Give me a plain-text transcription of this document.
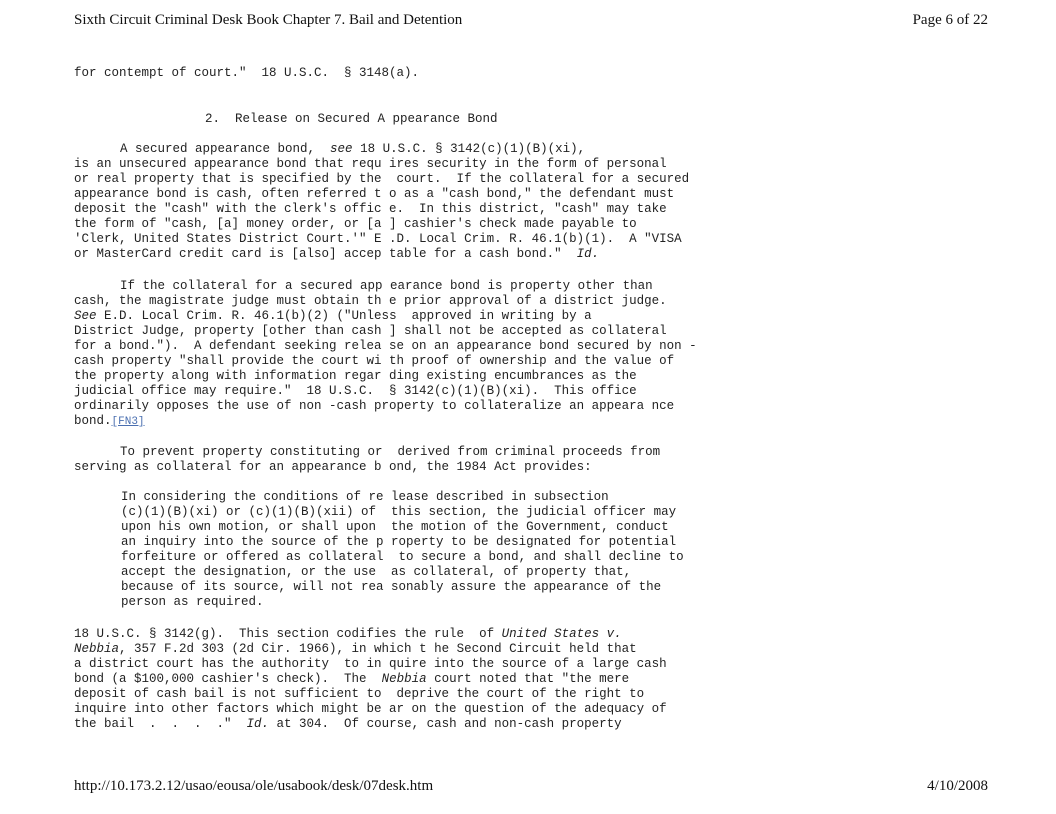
Sixth Circuit Criminal Desk Book Chapter 7. Bail and Detention	Page 6 of 22
for contempt of court."  18 U.S.C.  § 3148(a).
2.  Release on Secured A ppearance Bond
A secured appearance bond,  see 18 U.S.C. § 3142(c)(1)(B)(xi),
is an unsecured appearance bond that requ ires security in the form of personal
or real property that is specified by the  court.  If the collateral for a secured
appearance bond is cash, often referred t o as a "cash bond," the defendant must
deposit the "cash" with the clerk's offic e.  In this district, "cash" may take
the form of "cash, [a] money order, or [a ] cashier's check made payable to
'Clerk, United States District Court.'" E .D. Local Crim. R. 46.1(b)(1).  A "VISA
or MasterCard credit card is [also] accep table for a cash bond."  Id.
If the collateral for a secured app earance bond is property other than
cash, the magistrate judge must obtain th e prior approval of a district judge.
See E.D. Local Crim. R. 46.1(b)(2) ("Unless  approved in writing by a
District Judge, property [other than cash ] shall not be accepted as collateral
for a bond.").  A defendant seeking relea se on an appearance bond secured by non -
cash property "shall provide the court wi th proof of ownership and the value of
the property along with information regar ding existing encumbrances as the
judicial office may require."  18 U.S.C.  § 3142(c)(1)(B)(xi).  This office
ordinarily opposes the use of non -cash property to collateralize an appeara nce
bond.[FN3]
To prevent property constituting or  derived from criminal proceeds from
serving as collateral for an appearance b ond, the 1984 Act provides:
In considering the conditions of re lease described in subsection
(c)(1)(B)(xi) or (c)(1)(B)(xii) of  this section, the judicial officer may
upon his own motion, or shall upon  the motion of the Government, conduct
an inquiry into the source of the p roperty to be designated for potential
forfeiture or offered as collateral  to secure a bond, and shall decline to
accept the designation, or the use  as collateral, of property that,
because of its source, will not rea sonably assure the appearance of the
person as required.
18 U.S.C. § 3142(g).  This section codifies the rule  of United States v.
Nebbia, 357 F.2d 303 (2d Cir. 1966), in which t he Second Circuit held that
a district court has the authority  to in quire into the source of a large cash
bond (a $100,000 cashier's check).  The  Nebbia court noted that "the mere
deposit of cash bail is not sufficient to  deprive the court of the right to
inquire into other factors which might be ar on the question of the adequacy of
the bail  .  .  .  ."  Id. at 304.  Of course, cash and non-cash property
http://10.173.2.12/usao/eousa/ole/usabook/desk/07desk.htm	4/10/2008
